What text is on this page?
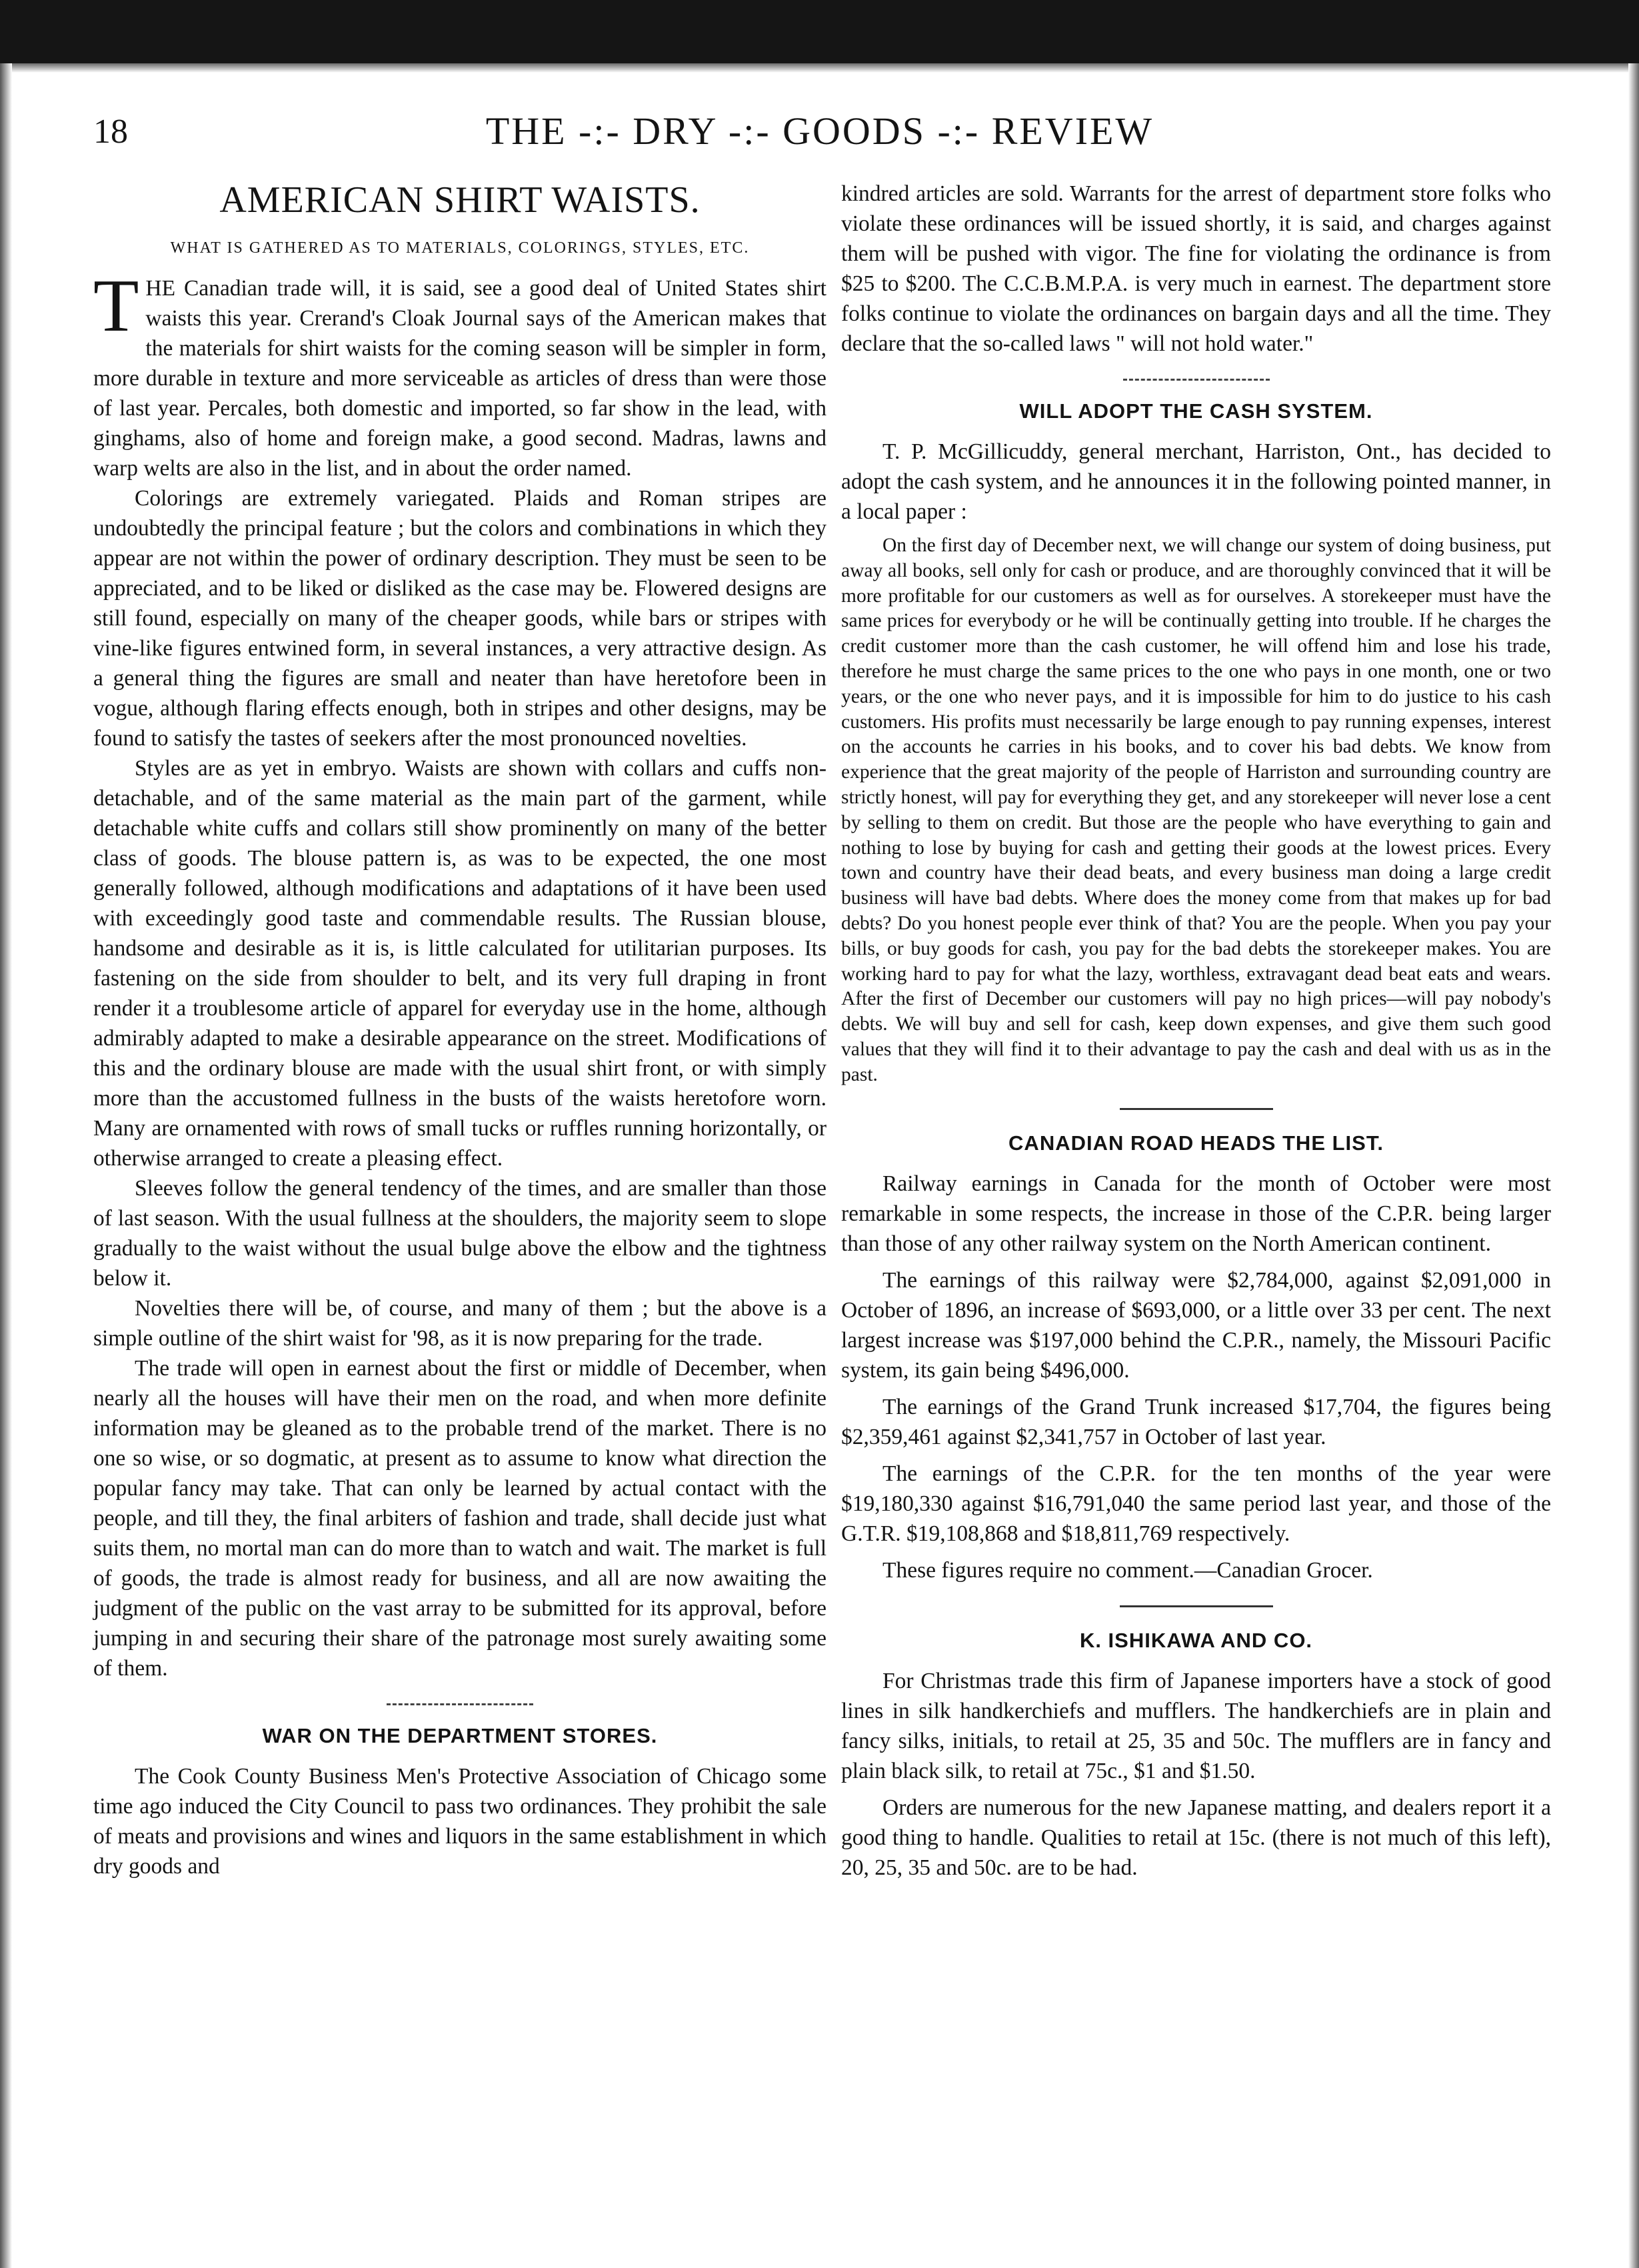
18	THE -:- DRY -:- GOODS -:- REVIEW
AMERICAN SHIRT WAISTS.
WHAT IS GATHERED AS TO MATERIALS, COLORINGS, STYLES, ETC.

THE Canadian trade will, it is said, see a good deal of United States shirt waists this year. Crerand's Cloak Journal says of the American makes that the materials for shirt waists for the coming season will be simpler in form, more durable in texture and more serviceable as articles of dress than were those of last year. Percales, both domestic and imported, so far show in the lead, with ginghams, also of home and foreign make, a good second. Madras, lawns and warp welts are also in the list, and in about the order named.

Colorings are extremely variegated. Plaids and Roman stripes are undoubtedly the principal feature ; but the colors and combinations in which they appear are not within the power of ordinary description. They must be seen to be appreciated, and to be liked or disliked as the case may be. Flowered designs are still found, especially on many of the cheaper goods, while bars or stripes with vine-like figures entwined form, in several instances, a very attractive design. As a general thing the figures are small and neater than have heretofore been in vogue, although flaring effects enough, both in stripes and other designs, may be found to satisfy the tastes of seekers after the most pronounced novelties.

Styles are as yet in embryo. Waists are shown with collars and cuffs non-detachable, and of the same material as the main part of the garment, while detachable white cuffs and collars still show prominently on many of the better class of goods. The blouse pattern is, as was to be expected, the one most generally followed, although modifications and adaptations of it have been used with exceedingly good taste and commendable results. The Russian blouse, handsome and desirable as it is, is little calculated for utilitarian purposes. Its fastening on the side from shoulder to belt, and its very full draping in front render it a troublesome article of apparel for everyday use in the home, although admirably adapted to make a desirable appearance on the street. Modifications of this and the ordinary blouse are made with the usual shirt front, or with simply more than the accustomed fullness in the busts of the waists heretofore worn. Many are ornamented with rows of small tucks or ruffles running horizontally, or otherwise arranged to create a pleasing effect.

Sleeves follow the general tendency of the times, and are smaller than those of last season. With the usual fullness at the shoulders, the majority seem to slope gradually to the waist without the usual bulge above the elbow and the tightness below it.

Novelties there will be, of course, and many of them ; but the above is a simple outline of the shirt waist for '98, as it is now preparing for the trade.

The trade will open in earnest about the first or middle of December, when nearly all the houses will have their men on the road, and when more definite information may be gleaned as to the probable trend of the market. There is no one so wise, or so dogmatic, at present as to assume to know what direction the popular fancy may take. That can only be learned by actual contact with the people, and till they, the final arbiters of fashion and trade, shall decide just what suits them, no mortal man can do more than to watch and wait. The market is full of goods, the trade is almost ready for business, and all are now awaiting the judgment of the public on the vast array to be submitted for its approval, before jumping in and securing their share of the patronage most surely awaiting some of them.

WAR ON THE DEPARTMENT STORES.

The Cook County Business Men's Protective Association of Chicago some time ago induced the City Council to pass two ordinances. They prohibit the sale of meats and provisions and wines and liquors in the same establishment in which dry goods and

kindred articles are sold. Warrants for the arrest of department store folks who violate these ordinances will be issued shortly, it is said, and charges against them will be pushed with vigor. The fine for violating the ordinance is from $25 to $200. The C.C.B.M.P.A. is very much in earnest. The department store folks continue to violate the ordinances on bargain days and all the time. They declare that the so-called laws " will not hold water."

WILL ADOPT THE CASH SYSTEM.

T. P. McGillicuddy, general merchant, Harriston, Ont., has decided to adopt the cash system, and he announces it in the following pointed manner, in a local paper :

On the first day of December next, we will change our system of doing business, put away all books, sell only for cash or produce, and are thoroughly convinced that it will be more profitable for our customers as well as for ourselves. A storekeeper must have the same prices for everybody or he will be continually getting into trouble. If he charges the credit customer more than the cash customer, he will offend him and lose his trade, therefore he must charge the same prices to the one who pays in one month, one or two years, or the one who never pays, and it is impossible for him to do justice to his cash customers. His profits must necessarily be large enough to pay running expenses, interest on the accounts he carries in his books, and to cover his bad debts. We know from experience that the great majority of the people of Harriston and surrounding country are strictly honest, will pay for everything they get, and any storekeeper will never lose a cent by selling to them on credit. But those are the people who have everything to gain and nothing to lose by buying for cash and getting their goods at the lowest prices. Every town and country have their dead beats, and every business man doing a large credit business will have bad debts. Where does the money come from that makes up for bad debts? Do you honest people ever think of that? You are the people. When you pay your bills, or buy goods for cash, you pay for the bad debts the storekeeper makes. You are working hard to pay for what the lazy, worthless, extravagant dead beat eats and wears. After the first of December our customers will pay no high prices—will pay nobody's debts. We will buy and sell for cash, keep down expenses, and give them such good values that they will find it to their advantage to pay the cash and deal with us as in the past.

CANADIAN ROAD HEADS THE LIST.

Railway earnings in Canada for the month of October were most remarkable in some respects, the increase in those of the C.P.R. being larger than those of any other railway system on the North American continent.

The earnings of this railway were $2,784,000, against $2,091,000 in October of 1896, an increase of $693,000, or a little over 33 per cent. The next largest increase was $197,000 behind the C.P.R., namely, the Missouri Pacific system, its gain being $496,000.

The earnings of the Grand Trunk increased $17,704, the figures being $2,359,461 against $2,341,757 in October of last year.

The earnings of the C.P.R. for the ten months of the year were $19,180,330 against $16,791,040 the same period last year, and those of the G.T.R. $19,108,868 and $18,811,769 respectively.

These figures require no comment.—Canadian Grocer.

K. ISHIKAWA AND CO.

For Christmas trade this firm of Japanese importers have a stock of good lines in silk handkerchiefs and mufflers. The handkerchiefs are in plain and fancy silks, initials, to retail at 25, 35 and 50c. The mufflers are in fancy and plain black silk, to retail at 75c., $1 and $1.50.

Orders are numerous for the new Japanese matting, and dealers report it a good thing to handle. Qualities to retail at 15c. (there is not much of this left), 20, 25, 35 and 50c. are to be had.
